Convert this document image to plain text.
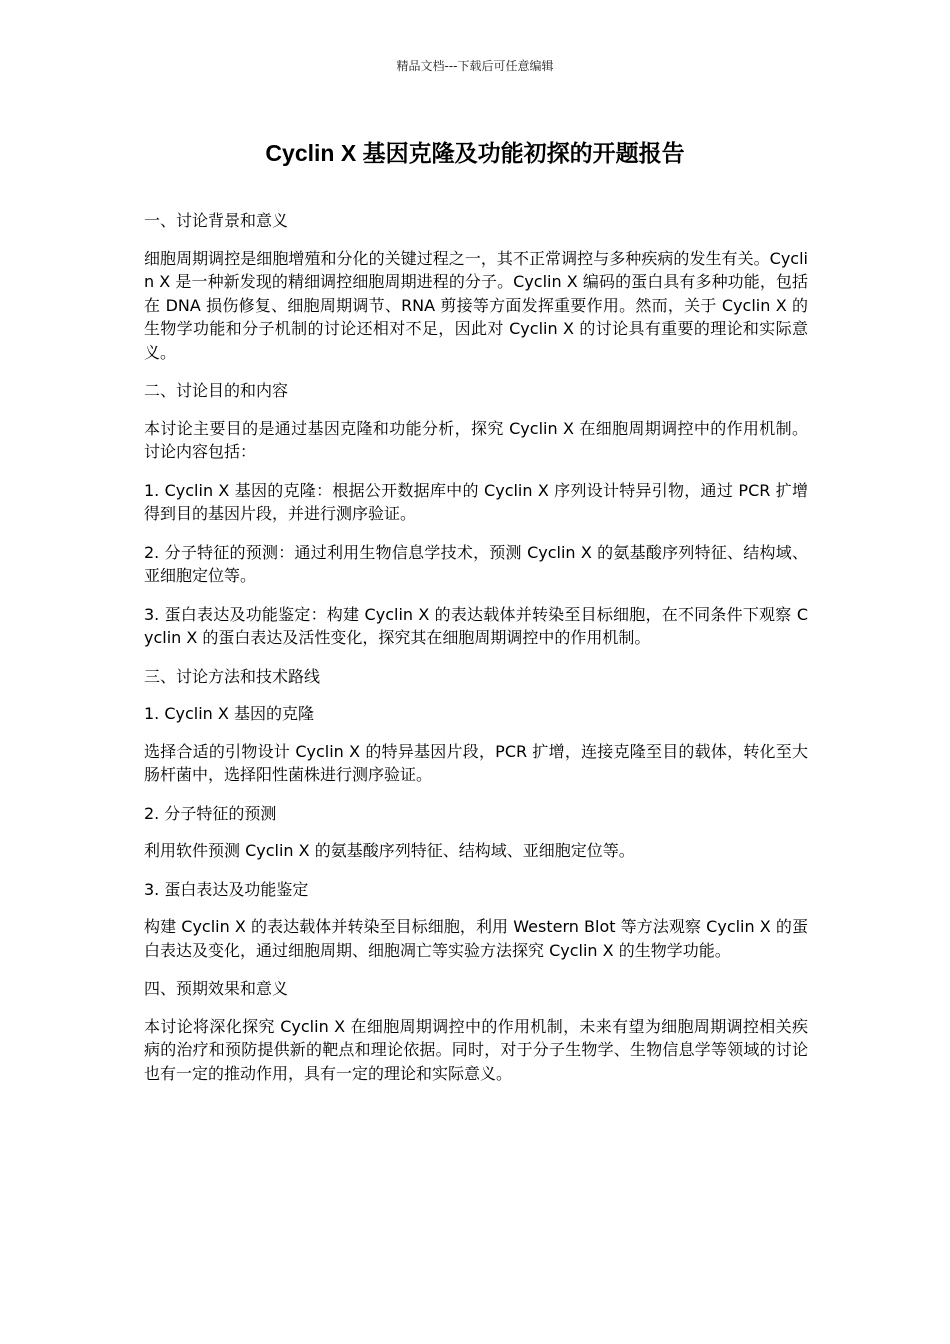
精品文档---下载后可任意编辑
Cyclin X 基因克隆及功能初探的开题报告

一、讨论背景和意义

细胞周期调控是细胞增殖和分化的关键过程之一，其不正常调控与多种疾病的发生有关。Cyclin X 是一种新发现的精细调控细胞周期进程的分子。Cyclin X 编码的蛋白具有多种功能，包括在 DNA 损伤修复、细胞周期调节、RNA 剪接等方面发挥重要作用。然而，关于 Cyclin X 的生物学功能和分子机制的讨论还相对不足，因此对 Cyclin X 的讨论具有重要的理论和实际意义。

二、讨论目的和内容

本讨论主要目的是通过基因克隆和功能分析，探究 Cyclin X 在细胞周期调控中的作用机制。讨论内容包括：

1. Cyclin X 基因的克隆：根据公开数据库中的 Cyclin X 序列设计特异引物，通过 PCR 扩增得到目的基因片段，并进行测序验证。

2. 分子特征的预测：通过利用生物信息学技术，预测 Cyclin X 的氨基酸序列特征、结构域、亚细胞定位等。

3. 蛋白表达及功能鉴定：构建 Cyclin X 的表达载体并转染至目标细胞，在不同条件下观察 Cyclin X 的蛋白表达及活性变化，探究其在细胞周期调控中的作用机制。

三、讨论方法和技术路线

1. Cyclin X 基因的克隆

选择合适的引物设计 Cyclin X 的特异基因片段，PCR 扩增，连接克隆至目的载体，转化至大肠杆菌中，选择阳性菌株进行测序验证。

2. 分子特征的预测

利用软件预测 Cyclin X 的氨基酸序列特征、结构域、亚细胞定位等。

3. 蛋白表达及功能鉴定

构建 Cyclin X 的表达载体并转染至目标细胞，利用 Western Blot 等方法观察 Cyclin X 的蛋白表达及变化，通过细胞周期、细胞凋亡等实验方法探究 Cyclin X 的生物学功能。

四、预期效果和意义

本讨论将深化探究 Cyclin X 在细胞周期调控中的作用机制，未来有望为细胞周期调控相关疾病的治疗和预防提供新的靶点和理论依据。同时，对于分子生物学、生物信息学等领域的讨论也有一定的推动作用，具有一定的理论和实际意义。
